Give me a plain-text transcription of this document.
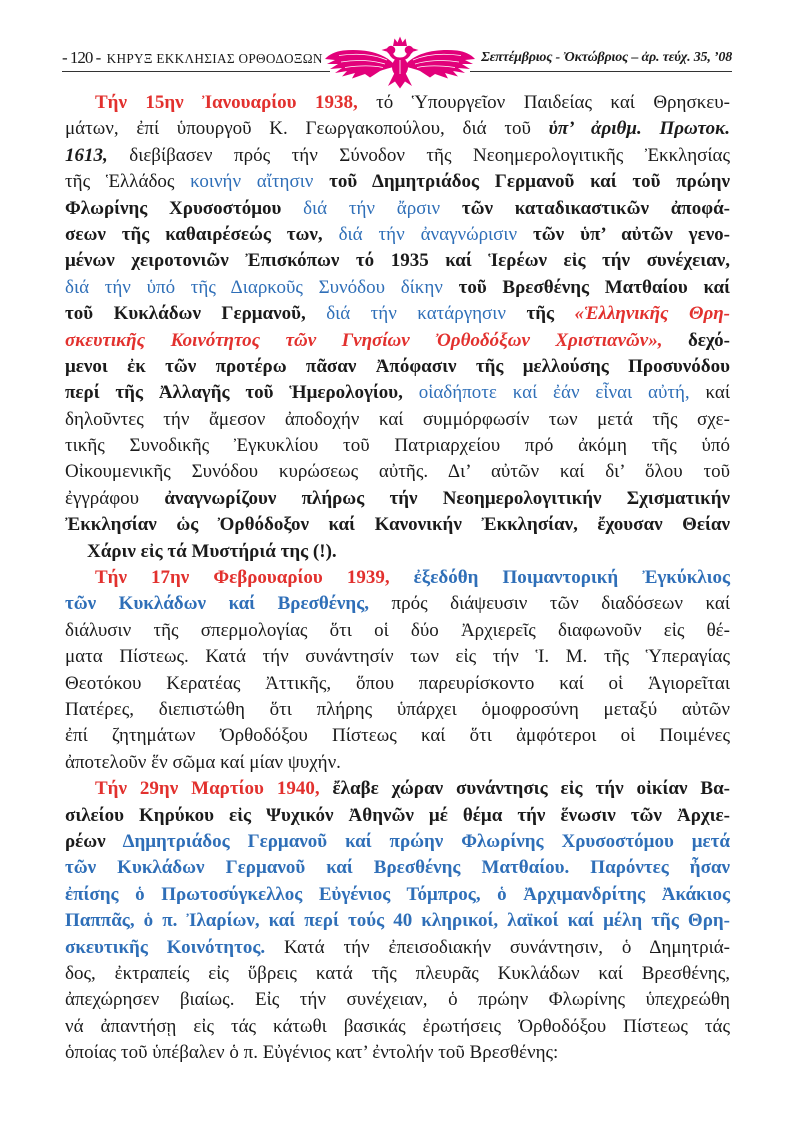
- 120 - ΚΗΡΥΞ ΕΚΚΛΗΣΙΑΣ ΟΡΘΟΔΟΞΩΝ	Σεπτέμβριος - Ὀκτώβριος – ἀρ. τεύχ. 35, ’08
Τήν 15ην Ἰανουαρίου 1938, τό Ὑπουργεῖον Παιδείας καί Θρησκευ-
μάτων, ἐπί ὑπουργοῦ Κ. Γεωργακοπούλου, διά τοῦ ὑπ’ ἀριθμ. Πρωτοκ.
1613, διεβίβασεν πρός τήν Σύνοδον τῆς Νεοημερολογιτικῆς Ἐκκλησίας
τῆς Ἑλλάδος κοινήν αἴτησιν τοῦ Δημητριάδος Γερμανοῦ καί τοῦ πρώην
Φλωρίνης Χρυσοστόμου διά τήν ἄρσιν τῶν καταδικαστικῶν ἀποφά-
σεων τῆς καθαιρέσεώς των, διά τήν ἀναγνώρισιν τῶν ὑπ’ αὐτῶν γενο-
μένων χειροτονιῶν Ἐπισκόπων τό 1935 καί Ἱερέων εἰς τήν συνέχειαν,
διά τήν ὑπό τῆς Διαρκοῦς Συνόδου δίκην τοῦ Βρεσθένης Ματθαίου καί
τοῦ Κυκλάδων Γερμανοῦ, διά τήν κατάργησιν τῆς «Ἑλληνικῆς Θρη-
σκευτικῆς Κοινότητος τῶν Γνησίων Ὀρθοδόξων Χριστιανῶν», δεχό-
μενοι ἐκ τῶν προτέρω πᾶσαν Ἀπόφασιν τῆς μελλούσης Προσυνόδου
περί τῆς Ἀλλαγῆς τοῦ Ἡμερολογίου, οἱαδήποτε καί ἐάν εἶναι αὐτή, καί
δηλοῦντες τήν ἄμεσον ἀποδοχήν καί συμμόρφωσίν των μετά τῆς σχε-
τικῆς Συνοδικῆς Ἐγκυκλίου τοῦ Πατριαρχείου πρό ἀκόμη τῆς ὑπό
Οἰκουμενικῆς Συνόδου κυρώσεως αὐτῆς. Δι’ αὐτῶν καί δι’ ὅλου τοῦ
ἐγγράφου ἀναγνωρίζουν πλήρως τήν Νεοημερολογιτικήν Σχισματικήν
Ἐκκλησίαν ὡς Ὀρθόδοξον καί Κανονικήν Ἐκκλησίαν, ἔχουσαν Θείαν
Χάριν εἰς τά Μυστήριά της (!).
Τήν 17ην Φεβρουαρίου 1939, ἐξεδόθη Ποιμαντορική Ἐγκύκλιος
τῶν Κυκλάδων καί Βρεσθένης, πρός διάψευσιν τῶν διαδόσεων καί
διάλυσιν τῆς σπερμολογίας ὅτι οἱ δύο Ἀρχιερεῖς διαφωνοῦν εἰς θέ-
ματα Πίστεως. Κατά τήν συνάντησίν των εἰς τήν Ἱ. Μ. τῆς Ὑπεραγίας
Θεοτόκου Κερατέας Ἀττικῆς, ὅπου παρευρίσκοντο καί οἱ Ἁγιορεῖται
Πατέρες, διεπιστώθη ὅτι πλήρης ὑπάρχει ὁμοφροσύνη μεταξύ αὐτῶν
ἐπί ζητημάτων Ὀρθοδόξου Πίστεως καί ὅτι ἀμφότεροι οἱ Ποιμένες
ἀποτελοῦν ἕν σῶμα καί μίαν ψυχήν.
Τήν 29ην Μαρτίου 1940, ἔλαβε χώραν συνάντησις εἰς τήν οἰκίαν Βα-
σιλείου Κηρύκου εἰς Ψυχικόν Ἀθηνῶν μέ θέμα τήν ἕνωσιν τῶν Ἀρχιε-
ρέων Δημητριάδος Γερμανοῦ καί πρώην Φλωρίνης Χρυσοστόμου μετά
τῶν Κυκλάδων Γερμανοῦ καί Βρεσθένης Ματθαίου. Παρόντες ἦσαν
ἐπίσης ὁ Πρωτοσύγκελλος Εὐγένιος Τόμπρος, ὁ Ἀρχιμανδρίτης Ἀκάκιος
Παππᾶς, ὁ π. Ἰλαρίων, καί περί τούς 40 κληρικοί, λαϊκοί καί μέλη τῆς Θρη-
σκευτικῆς Κοινότητος. Κατά τήν ἐπεισοδιακήν συνάντησιν, ὁ Δημητριά-
δος, ἐκτραπείς εἰς ὕβρεις κατά τῆς πλευρᾶς Κυκλάδων καί Βρεσθένης,
ἀπεχώρησεν βιαίως. Εἰς τήν συνέχειαν, ὁ πρώην Φλωρίνης ὑπεχρεώθη
νά ἀπαντήσῃ εἰς τάς κάτωθι βασικάς ἐρωτήσεις Ὀρθοδόξου Πίστεως τάς
ὁποίας τοῦ ὑπέβαλεν ὁ π. Εὐγένιος κατ’ ἐντολήν τοῦ Βρεσθένης:
